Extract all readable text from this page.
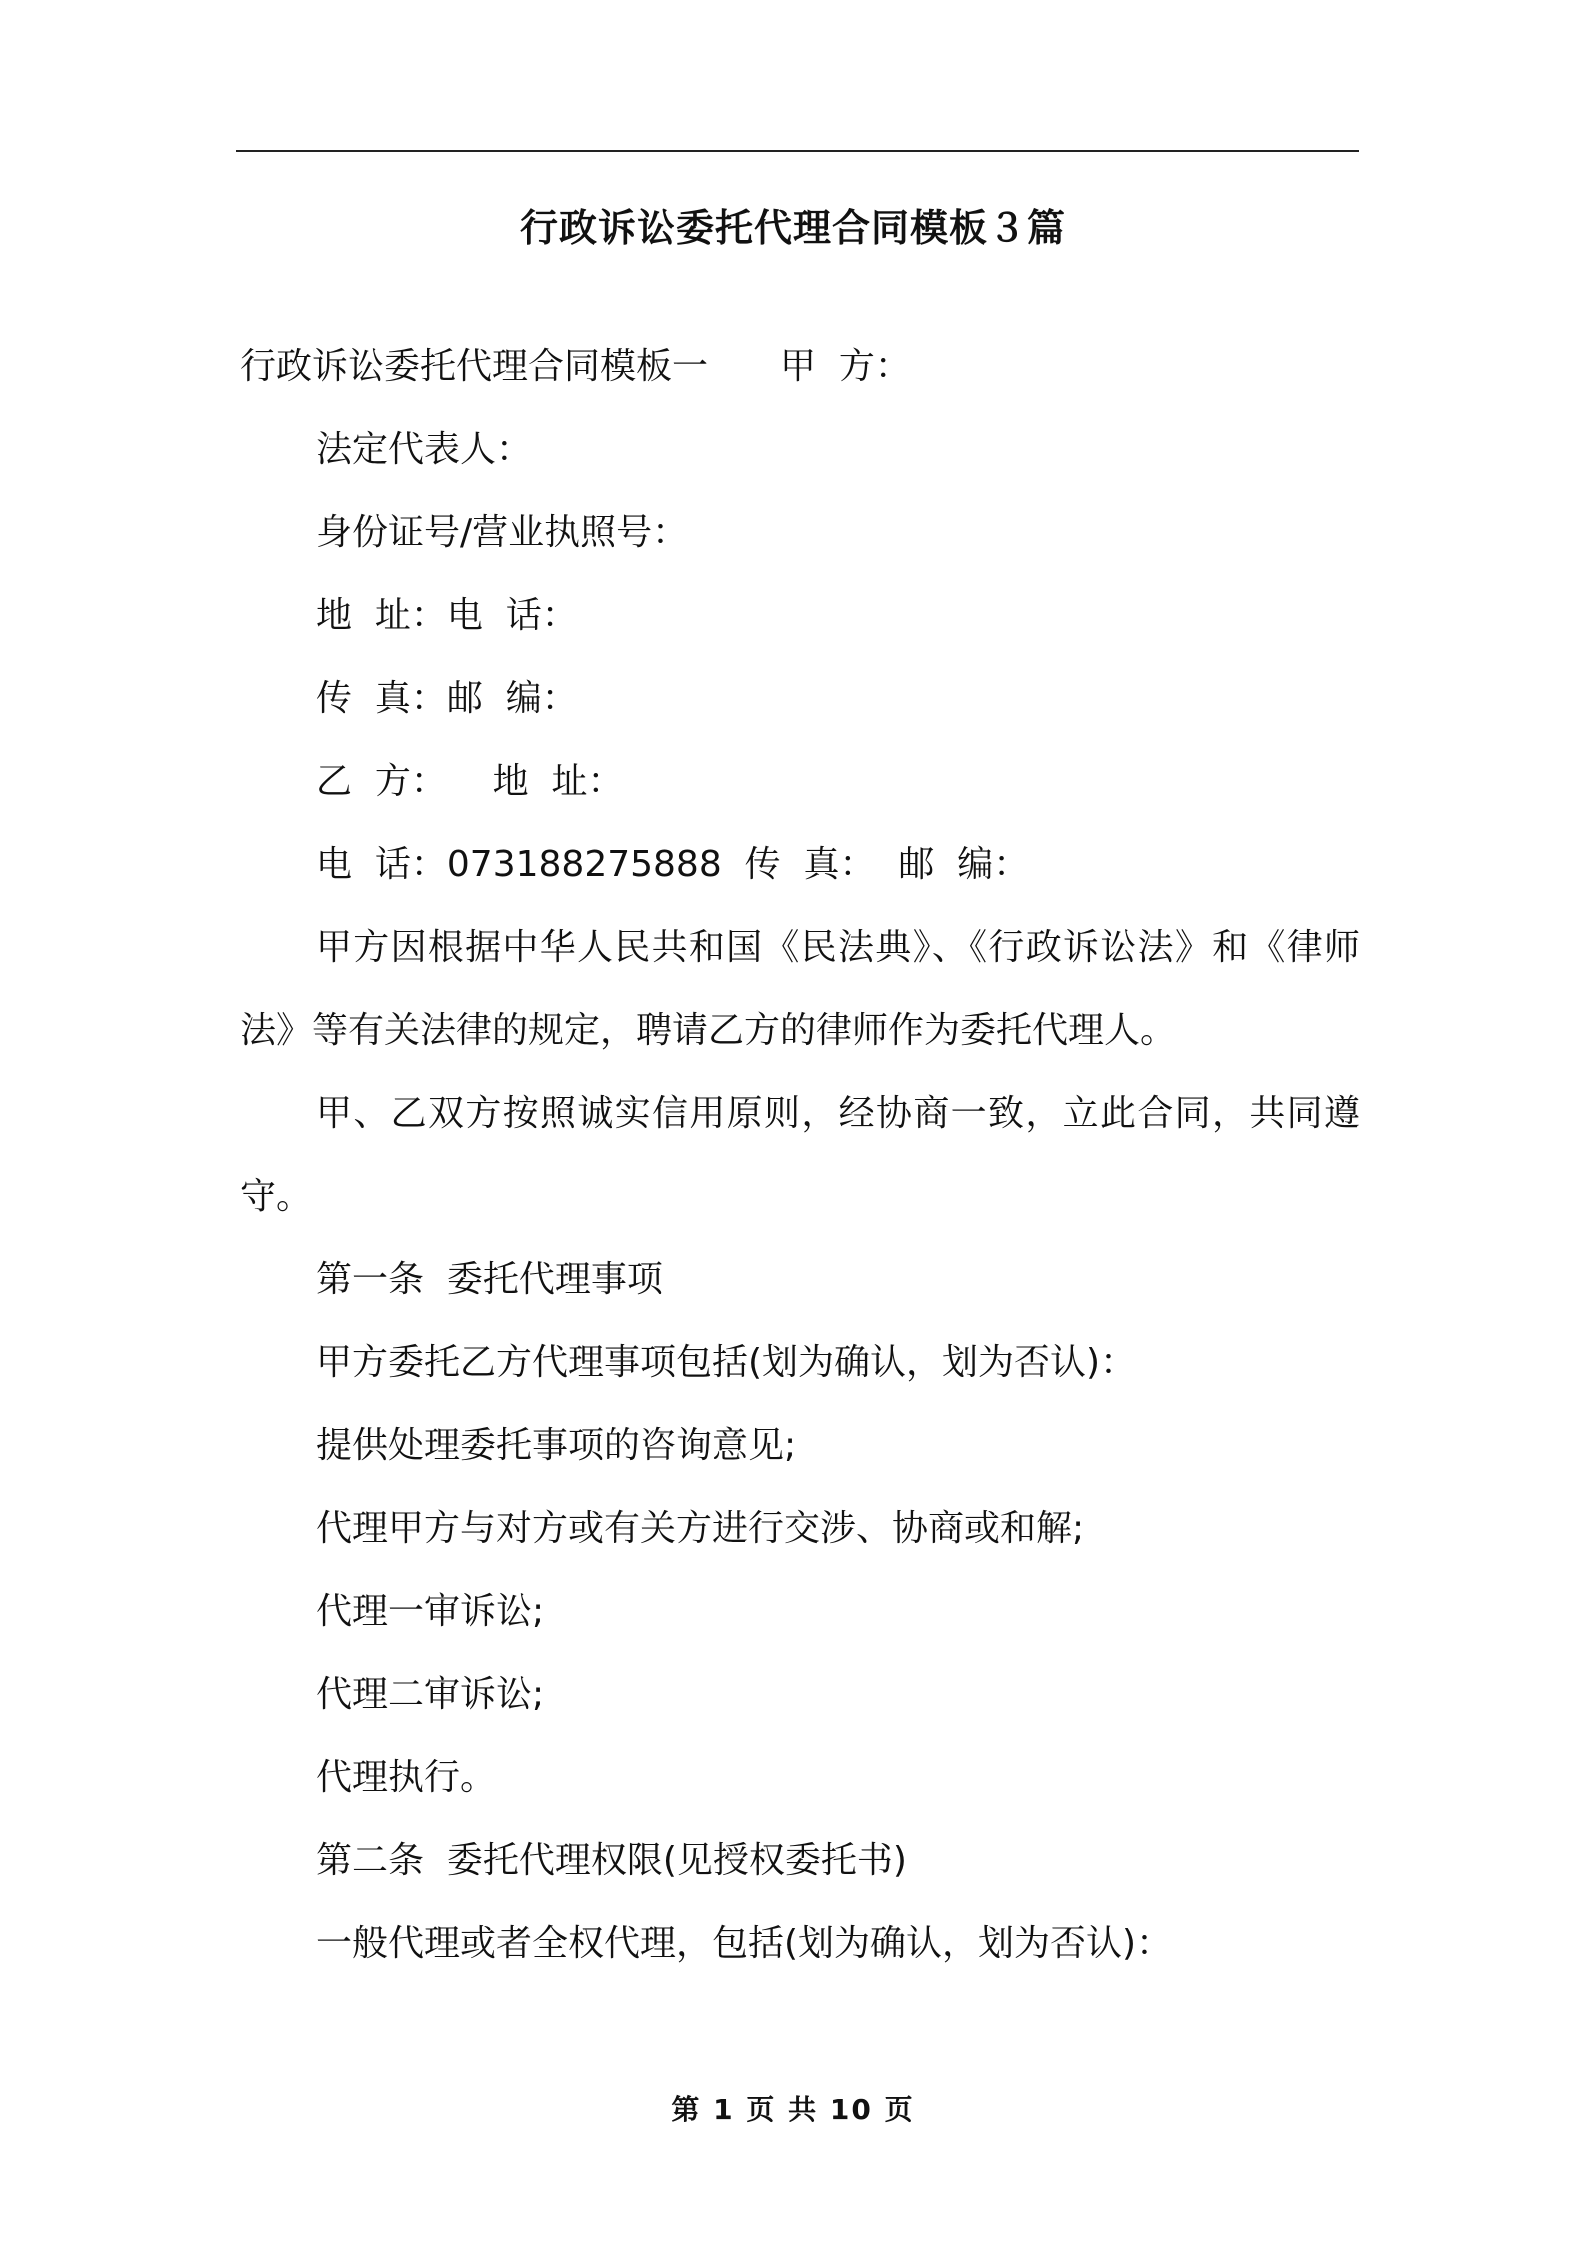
行政诉讼委托代理合同模板３篇

行政诉讼委托代理合同模板一　　甲  方：

法定代表人：

身份证号/营业执照号：

地  址：电  话：

传  真：邮  编：

乙  方：    地  址：

电  话：073188275888  传  真：  邮  编：

甲方因根据中华人民共和国《民法典》、《行政诉讼法》和《律师法》等有关法律的规定，聘请乙方的律师作为委托代理人。

甲、乙双方按照诚实信用原则，经协商一致，立此合同，共同遵守。

第一条  委托代理事项

甲方委托乙方代理事项包括(划为确认，划为否认)：

提供处理委托事项的咨询意见;

代理甲方与对方或有关方进行交涉、协商或和解;

代理一审诉讼;

代理二审诉讼;

代理执行。

第二条  委托代理权限(见授权委托书)

一般代理或者全权代理，包括(划为确认，划为否认)：

第 1 页 共 10 页
